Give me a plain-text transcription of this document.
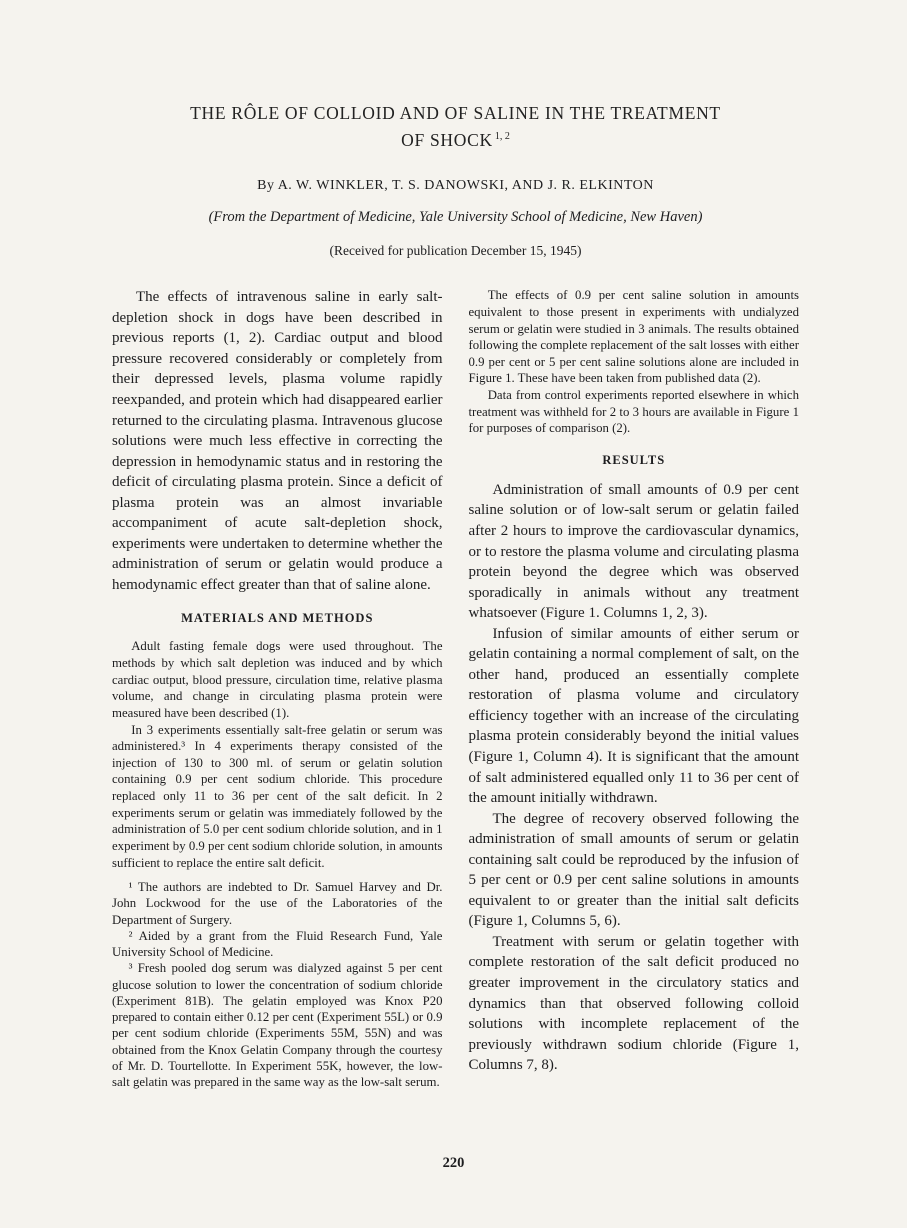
THE RÔLE OF COLLOID AND OF SALINE IN THE TREATMENT
OF SHOCK $^{1, 2}$
By A. W. WINKLER, T. S. DANOWSKI, AND J. R. ELKINTON
(From the Department of Medicine, Yale University School of Medicine, New Haven)
(Received for publication December 15, 1945)

The effects of intravenous saline in early salt-depletion shock in dogs have been described in previous reports (1, 2). Cardiac output and blood pressure recovered considerably or completely from their depressed levels, plasma volume rapidly reexpanded, and protein which had disappeared earlier returned to the circulating plasma. Intravenous glucose solutions were much less effective in correcting the depression in hemodynamic status and in restoring the deficit of circulating plasma protein. Since a deficit of plasma protein was an almost invariable accompaniment of acute salt-depletion shock, experiments were undertaken to determine whether the administration of serum or gelatin would produce a hemodynamic effect greater than that of saline alone.

MATERIALS AND METHODS

Adult fasting female dogs were used throughout. The methods by which salt depletion was induced and by which cardiac output, blood pressure, circulation time, relative plasma volume, and change in circulating plasma protein were measured have been described (1).

In 3 experiments essentially salt-free gelatin or serum was administered.³ In 4 experiments therapy consisted of the injection of 130 to 300 ml. of serum or gelatin solution containing 0.9 per cent sodium chloride. This procedure replaced only 11 to 36 per cent of the salt deficit. In 2 experiments serum or gelatin was immediately followed by the administration of 5.0 per cent sodium chloride solution, and in 1 experiment by 0.9 per cent sodium chloride solution, in amounts sufficient to replace the entire salt deficit.

¹ The authors are indebted to Dr. Samuel Harvey and Dr. John Lockwood for the use of the Laboratories of the Department of Surgery.

² Aided by a grant from the Fluid Research Fund, Yale University School of Medicine.

³ Fresh pooled dog serum was dialyzed against 5 per cent glucose solution to lower the concentration of sodium chloride (Experiment 81B). The gelatin employed was Knox P20 prepared to contain either 0.12 per cent (Experiment 55L) or 0.9 per cent sodium chloride (Experiments 55M, 55N) and was obtained from the Knox Gelatin Company through the courtesy of Mr. D. Tourtellotte. In Experiment 55K, however, the low-salt gelatin was prepared in the same way as the low-salt serum.

The effects of 0.9 per cent saline solution in amounts equivalent to those present in experiments with undialyzed serum or gelatin were studied in 3 animals. The results obtained following the complete replacement of the salt losses with either 0.9 per cent or 5 per cent saline solutions alone are included in Figure 1. These have been taken from published data (2).

Data from control experiments reported elsewhere in which treatment was withheld for 2 to 3 hours are available in Figure 1 for purposes of comparison (2).

RESULTS

Administration of small amounts of 0.9 per cent saline solution or of low-salt serum or gelatin failed after 2 hours to improve the cardiovascular dynamics, or to restore the plasma volume and circulating plasma protein beyond the degree which was observed sporadically in animals without any treatment whatsoever (Figure 1. Columns 1, 2, 3).

Infusion of similar amounts of either serum or gelatin containing a normal complement of salt, on the other hand, produced an essentially complete restoration of plasma volume and circulatory efficiency together with an increase of the circulating plasma protein considerably beyond the initial values (Figure 1, Column 4). It is significant that the amount of salt administered equalled only 11 to 36 per cent of the amount initially withdrawn.

The degree of recovery observed following the administration of small amounts of serum or gelatin containing salt could be reproduced by the infusion of 5 per cent or 0.9 per cent saline solutions in amounts equivalent to or greater than the initial salt deficits (Figure 1, Columns 5, 6).

Treatment with serum or gelatin together with complete restoration of the salt deficit produced no greater improvement in the circulatory statics and dynamics than that observed following colloid solutions with incomplete replacement of the previously withdrawn sodium chloride (Figure 1, Columns 7, 8).

220
